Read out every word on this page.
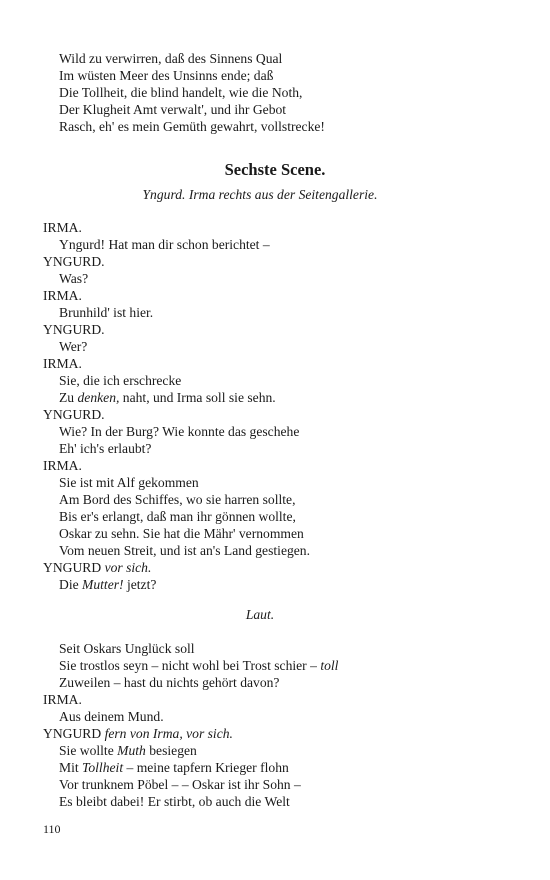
Wild zu verwirren, daß des Sinnens Qual
Im wüsten Meer des Unsinns ende; daß
Die Tollheit, die blind handelt, wie die Noth,
Der Klugheit Amt verwalt', und ihr Gebot
Rasch, eh' es mein Gemüth gewahrt, vollstrecke!
Sechste Scene.
Yngurd. Irma rechts aus der Seitengallerie.
IRMA.
Yngurd! Hat man dir schon berichtet –
YNGURD.
Was?
IRMA.
Brunhild' ist hier.
YNGURD.
Wer?
IRMA.
Sie, die ich erschrecke
Zu denken, naht, und Irma soll sie sehn.
YNGURD.
Wie? In der Burg? Wie konnte das geschehe
Eh' ich's erlaubt?
IRMA.
Sie ist mit Alf gekommen
Am Bord des Schiffes, wo sie harren sollte,
Bis er's erlangt, daß man ihr gönnen wollte,
Oskar zu sehn. Sie hat die Mähr' vernommen
Vom neuen Streit, und ist an's Land gestiegen.
YNGURD vor sich.
Die Mutter! jetzt?
Laut.
Seit Oskars Unglück soll
Sie trostlos seyn – nicht wohl bei Trost schier – toll
Zuweilen – hast du nichts gehört davon?
IRMA.
Aus deinem Mund.
YNGURD fern von Irma, vor sich.
Sie wollte Muth besiegen
Mit Tollheit – meine tapfern Krieger flohn
Vor trunknem Pöbel – – Oskar ist ihr Sohn –
Es bleibt dabei! Er stirbt, ob auch die Welt
110
